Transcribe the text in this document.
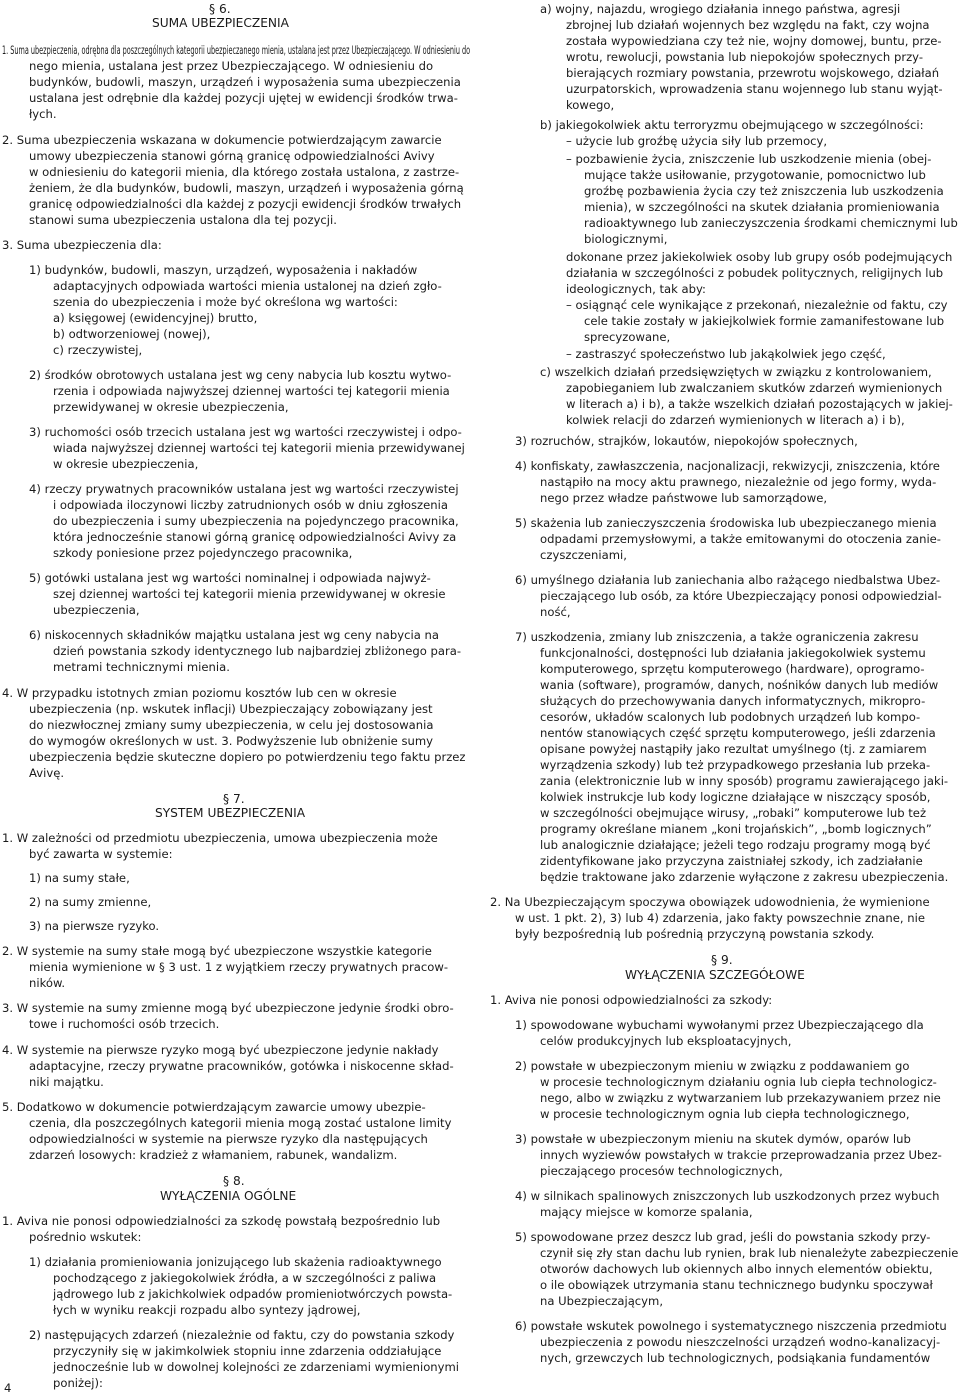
§ 6.
SUMA UBEZPIECZENIA
1. Suma ubezpieczenia, odrębna dla poszczególnych kategorii ubezpieczanego mienia, ustalana jest przez Ubezpieczającego. W odniesieniu do
nego mienia, ustalana jest przez Ubezpieczającego. W odniesieniu do
budynków, budowli, maszyn, urządzeń i wyposażenia suma ubezpieczenia
ustalana jest odrębnie dla każdej pozycji ujętej w ewidencji środków trwa-
łych.
2. Suma ubezpieczenia wskazana w dokumencie potwierdzającym zawarcie
umowy ubezpieczenia stanowi górną granicę odpowiedzialności Avivy
w odniesieniu do kategorii mienia, dla którego została ustalona, z zastrze-
żeniem, że dla budynków, budowli, maszyn, urządzeń i wyposażenia górną
granicę odpowiedzialności dla każdej z pozycji ewidencji środków trwałych
stanowi suma ubezpieczenia ustalona dla tej pozycji.
3. Suma ubezpieczenia dla:
1) budynków, budowli, maszyn, urządzeń, wyposażenia i nakładów
adaptacyjnych odpowiada wartości mienia ustalonej na dzień zgło-
szenia do ubezpieczenia i może być określona wg wartości:
a) księgowej (ewidencyjnej) brutto,
b) odtworzeniowej (nowej),
c) rzeczywistej,
2) środków obrotowych ustalana jest wg ceny nabycia lub kosztu wytwo-
rzenia i odpowiada najwyższej dziennej wartości tej kategorii mienia
przewidywanej w okresie ubezpieczenia,
3) ruchomości osób trzecich ustalana jest wg wartości rzeczywistej i odpo-
wiada najwyższej dziennej wartości tej kategorii mienia przewidywanej
w okresie ubezpieczenia,
4) rzeczy prywatnych pracowników ustalana jest wg wartości rzeczywistej
i odpowiada iloczynowi liczby zatrudnionych osób w dniu zgłoszenia
do ubezpieczenia i sumy ubezpieczenia na pojedynczego pracownika,
która jednocześnie stanowi górną granicę odpowiedzialności Avivy za
szkody poniesione przez pojedynczego pracownika,
5) gotówki ustalana jest wg wartości nominalnej i odpowiada najwyż-
szej dziennej wartości tej kategorii mienia przewidywanej w okresie
ubezpieczenia,
6) niskocennych składników majątku ustalana jest wg ceny nabycia na
dzień powstania szkody identycznego lub najbardziej zbliżonego para-
metrami technicznymi mienia.
4. W przypadku istotnych zmian poziomu kosztów lub cen w okresie
ubezpieczenia (np. wskutek inflacji) Ubezpieczający zobowiązany jest
do niezwłocznej zmiany sumy ubezpieczenia, w celu jej dostosowania
do wymogów określonych w ust. 3. Podwyższenie lub obniżenie sumy
ubezpieczenia będzie skuteczne dopiero po potwierdzeniu tego faktu przez
Avivę.
§ 7.
SYSTEM UBEZPIECZENIA
1. W zależności od przedmiotu ubezpieczenia, umowa ubezpieczenia może
być zawarta w systemie:
1) na sumy stałe,
2) na sumy zmienne,
3) na pierwsze ryzyko.
2. W systemie na sumy stałe mogą być ubezpieczone wszystkie kategorie
mienia wymienione w § 3 ust. 1 z wyjątkiem rzeczy prywatnych pracow-
ników.
3. W systemie na sumy zmienne mogą być ubezpieczone jedynie środki obro-
towe i ruchomości osób trzecich.
4. W systemie na pierwsze ryzyko mogą być ubezpieczone jedynie nakłady
adaptacyjne, rzeczy prywatne pracowników, gotówka i niskocenne skład-
niki majątku.
5. Dodatkowo w dokumencie potwierdzającym zawarcie umowy ubezpie-
czenia, dla poszczególnych kategorii mienia mogą zostać ustalone limity
odpowiedzialności w systemie na pierwsze ryzyko dla następujących
zdarzeń losowych: kradzież z włamaniem, rabunek, wandalizm.
§ 8.
WYŁĄCZENIA OGÓLNE
1. Aviva nie ponosi odpowiedzialności za szkodę powstałą bezpośrednio lub
pośrednio wskutek:
1) działania promieniowania jonizującego lub skażenia radioaktywnego
pochodzącego z jakiegokolwiek źródła, a w szczególności z paliwa
jądrowego lub z jakichkolwiek odpadów promieniotwórczych powsta-
łych w wyniku reakcji rozpadu albo syntezy jądrowej,
2) następujących zdarzeń (niezależnie od faktu, czy do powstania szkody
przyczyniły się w jakimkolwiek stopniu inne zdarzenia oddziałujące
jednocześnie lub w dowolnej kolejności ze zdarzeniami wymienionymi
poniżej):
a) wojny, najazdu, wrogiego działania innego państwa, agresji
zbrojnej lub działań wojennych bez względu na fakt, czy wojna
została wypowiedziana czy też nie, wojny domowej, buntu, prze-
wrotu, rewolucji, powstania lub niepokojów społecznych przy-
bierających rozmiary powstania, przewrotu wojskowego, działań
uzurpatorskich, wprowadzenia stanu wojennego lub stanu wyjąt-
kowego,
b) jakiegokolwiek aktu terroryzmu obejmującego w szczególności:
– użycie lub groźbę użycia siły lub przemocy,
– pozbawienie życia, zniszczenie lub uszkodzenie mienia (obej-
mujące także usiłowanie, przygotowanie, pomocnictwo lub
groźbę pozbawienia życia czy też zniszczenia lub uszkodzenia
mienia), w szczególności na skutek działania promieniowania
radioaktywnego lub zanieczyszczenia środkami chemicznymi lub
biologicznymi,
dokonane przez jakiekolwiek osoby lub grupy osób podejmujących
działania w szczególności z pobudek politycznych, religijnych lub
ideologicznych, tak aby:
– osiągnąć cele wynikające z przekonań, niezależnie od faktu, czy
cele takie zostały w jakiejkolwiek formie zamanifestowane lub
sprecyzowane,
– zastraszyć społeczeństwo lub jakąkolwiek jego część,
c) wszelkich działań przedsięwziętych w związku z kontrolowaniem,
zapobieganiem lub zwalczaniem skutków zdarzeń wymienionych
w literach a) i b), a także wszelkich działań pozostających w jakiej-
kolwiek relacji do zdarzeń wymienionych w literach a) i b),
3) rozruchów, strajków, lokautów, niepokojów społecznych,
4) konfiskaty, zawłaszczenia, nacjonalizacji, rekwizycji, zniszczenia, które
nastąpiło na mocy aktu prawnego, niezależnie od jego formy, wyda-
nego przez władze państwowe lub samorządowe,
5) skażenia lub zanieczyszczenia środowiska lub ubezpieczanego mienia
odpadami przemysłowymi, a także emitowanymi do otoczenia zanie-
czyszczeniami,
6) umyślnego działania lub zaniechania albo rażącego niedbalstwa Ubez-
pieczającego lub osób, za które Ubezpieczający ponosi odpowiedzial-
ność,
7) uszkodzenia, zmiany lub zniszczenia, a także ograniczenia zakresu
funkcjonalności, dostępności lub działania jakiegokolwiek systemu
komputerowego, sprzętu komputerowego (hardware), oprogramo-
wania (software), programów, danych, nośników danych lub mediów
służących do przechowywania danych informatycznych, mikropro-
cesorów, układów scalonych lub podobnych urządzeń lub kompo-
nentów stanowiących część sprzętu komputerowego, jeśli zdarzenia
opisane powyżej nastąpiły jako rezultat umyślnego (tj. z zamiarem
wyrządzenia szkody) lub też przypadkowego przesłania lub przeka-
zania (elektronicznie lub w inny sposób) programu zawierającego jaki-
kolwiek instrukcje lub kody logiczne działające w niszczący sposób,
w szczególności obejmujące wirusy, „robaki” komputerowe lub też
programy określane mianem „koni trojańskich”, „bomb logicznych”
lub analogicznie działające; jeżeli tego rodzaju programy mogą być
zidentyfikowane jako przyczyna zaistniałej szkody, ich zadziałanie
będzie traktowane jako zdarzenie wyłączone z zakresu ubezpieczenia.
2. Na Ubezpieczającym spoczywa obowiązek udowodnienia, że wymienione
w ust. 1 pkt. 2), 3) lub 4) zdarzenia, jako fakty powszechnie znane, nie
były bezpośrednią lub pośrednią przyczyną powstania szkody.
§ 9.
WYŁĄCZENIA SZCZEGÓŁOWE
1. Aviva nie ponosi odpowiedzialności za szkody:
1) spowodowane wybuchami wywołanymi przez Ubezpieczającego dla
celów produkcyjnych lub eksploatacyjnych,
2) powstałe w ubezpieczonym mieniu w związku z poddawaniem go
w procesie technologicznym działaniu ognia lub ciepła technologicz-
nego, albo w związku z wytwarzaniem lub przekazywaniem przez nie
w procesie technologicznym ognia lub ciepła technologicznego,
3) powstałe w ubezpieczonym mieniu na skutek dymów, oparów lub
innych wyziewów powstałych w trakcie przeprowadzania przez Ubez-
pieczającego procesów technologicznych,
4) w silnikach spalinowych zniszczonych lub uszkodzonych przez wybuch
mający miejsce w komorze spalania,
5) spowodowane przez deszcz lub grad, jeśli do powstania szkody przy-
czynił się zły stan dachu lub rynien, brak lub nienależyte zabezpieczenie
otworów dachowych lub okiennych albo innych elementów obiektu,
o ile obowiązek utrzymania stanu technicznego budynku spoczywał
na Ubezpieczającym,
6) powstałe wskutek powolnego i systematycznego niszczenia przedmiotu
ubezpieczenia z powodu nieszczelności urządzeń wodno-kanalizacyj-
nych, grzewczych lub technologicznych, podsiąkania fundamentów
4
